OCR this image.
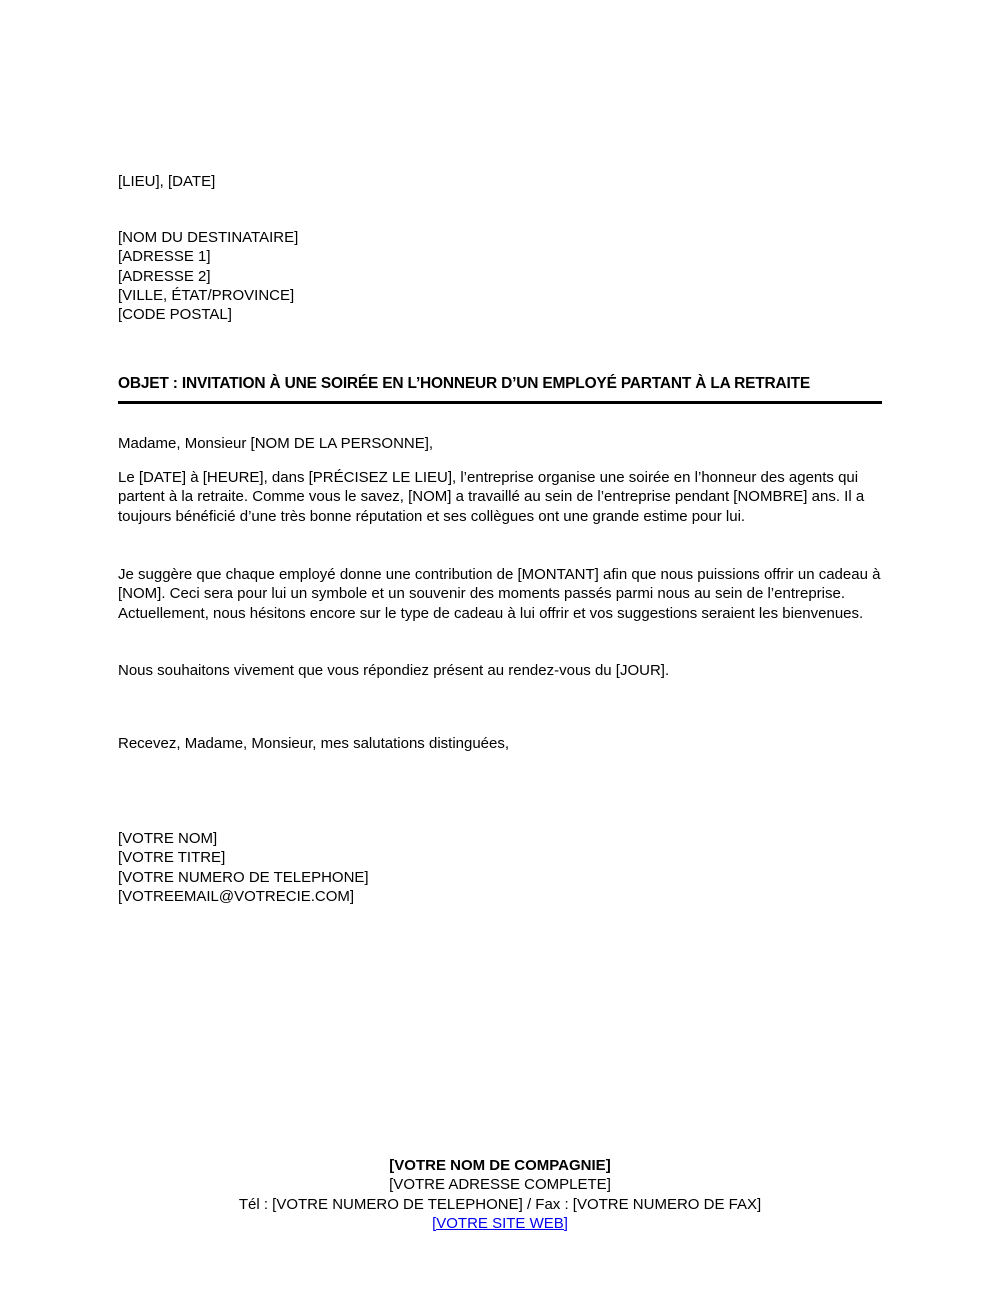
[LIEU], [DATE]
[NOM DU DESTINATAIRE]
[ADRESSE 1]
[ADRESSE 2]
[VILLE, ÉTAT/PROVINCE]
[CODE POSTAL]
OBJET : INVITATION À UNE SOIRÉE EN L’HONNEUR D’UN EMPLOYÉ PARTANT À LA RETRAITE
Madame, Monsieur [NOM DE LA PERSONNE],
Le [DATE] à [HEURE], dans [PRÉCISEZ LE LIEU], l’entreprise organise une soirée en l’honneur des agents qui partent à la retraite. Comme vous le savez, [NOM] a travaillé au sein de l’entreprise pendant [NOMBRE] ans. Il a toujours bénéficié d’une très bonne réputation et ses collègues ont une grande estime pour lui.
Je suggère que chaque employé donne une contribution de [MONTANT] afin que nous puissions offrir un cadeau à [NOM]. Ceci sera pour lui un symbole et un souvenir des moments passés parmi nous au sein de l’entreprise. Actuellement, nous hésitons encore sur le type de cadeau à lui offrir et vos suggestions seraient les bienvenues.
Nous souhaitons vivement que vous répondiez présent au rendez-vous du [JOUR].
Recevez, Madame, Monsieur, mes salutations distinguées,
[VOTRE NOM]
[VOTRE TITRE]
[VOTRE NUMERO DE TELEPHONE]
[VOTREEMAIL@VOTRECIE.COM]
[VOTRE NOM DE COMPAGNIE]
[VOTRE ADRESSE COMPLETE]
Tél : [VOTRE NUMERO DE TELEPHONE] / Fax : [VOTRE NUMERO DE FAX]
[VOTRE SITE WEB]
